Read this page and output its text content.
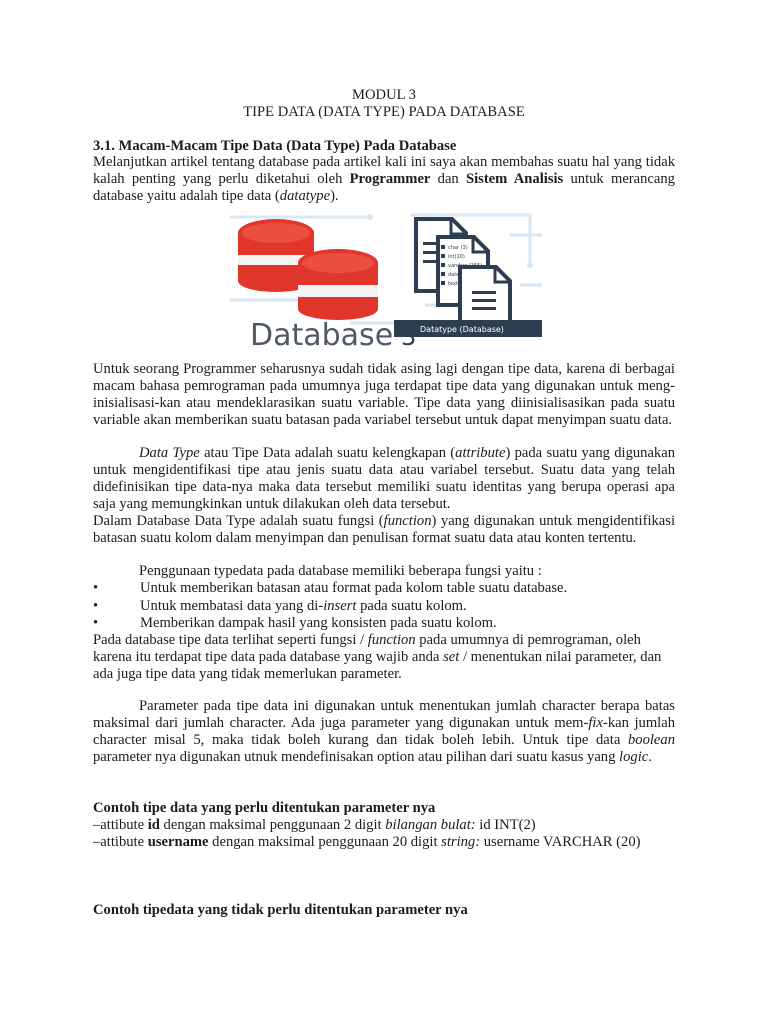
MODUL 3
TIPE DATA (DATA TYPE) PADA DATABASE
3.1. Macam-Macam Tipe Data (Data Type) Pada Database
Melanjutkan artikel tentang database pada artikel kali ini saya akan membahas suatu hal yang tidak kalah penting yang perlu diketahui oleh Programmer dan Sistem Analisis untuk merancang database yaitu adalah tipe data (datatype).
char (3)
int(10)
varchar (255)
date
text
Database 3 Datatype (Database)
Untuk seorang Programmer seharusnya sudah tidak asing lagi dengan tipe data, karena di berbagai macam bahasa pemrograman pada umumnya juga terdapat tipe data yang digunakan untuk meng-inisialisasi-kan atau mendeklarasikan suatu variable. Tipe data yang diinisialisasikan pada suatu variable akan memberikan suatu batasan pada variabel tersebut untuk dapat menyimpan suatu data.
Data Type atau Tipe Data adalah suatu kelengkapan (attribute) pada suatu yang digunakan untuk mengidentifikasi tipe atau jenis suatu data atau variabel tersebut. Suatu data yang telah didefinisikan tipe data-nya maka data tersebut memiliki suatu identitas yang berupa operasi apa saja yang memungkinkan untuk dilakukan oleh data tersebut.
Dalam Database Data Type adalah suatu fungsi (function) yang digunakan untuk mengidentifikasi batasan suatu kolom dalam menyimpan dan penulisan format suatu data atau konten tertentu.
Penggunaan typedata pada database memiliki beberapa fungsi yaitu :
•	Untuk memberikan batasan atau format pada kolom table suatu database.
•	Untuk membatasi data yang di-insert pada suatu kolom.
•	Memberikan dampak hasil yang konsisten pada suatu kolom.
Pada database tipe data terlihat seperti fungsi / function pada umumnya di pemrograman, oleh karena itu terdapat tipe data pada database yang wajib anda set / menentukan nilai parameter, dan ada juga tipe data yang tidak memerlukan parameter.
Parameter pada tipe data ini digunakan untuk menentukan jumlah character berapa batas maksimal dari jumlah character. Ada juga parameter yang digunakan untuk mem-fix-kan jumlah character misal 5, maka tidak boleh kurang dan tidak boleh lebih. Untuk tipe data boolean parameter nya digunakan utnuk mendefinisakan option atau pilihan dari suatu kasus yang logic.
Contoh tipe data yang perlu ditentukan parameter nya
–attibute id dengan maksimal penggunaan 2 digit bilangan bulat: id INT(2)
–attibute username dengan maksimal penggunaan 20 digit string: username VARCHAR (20)
Contoh tipedata yang tidak perlu ditentukan parameter nya
